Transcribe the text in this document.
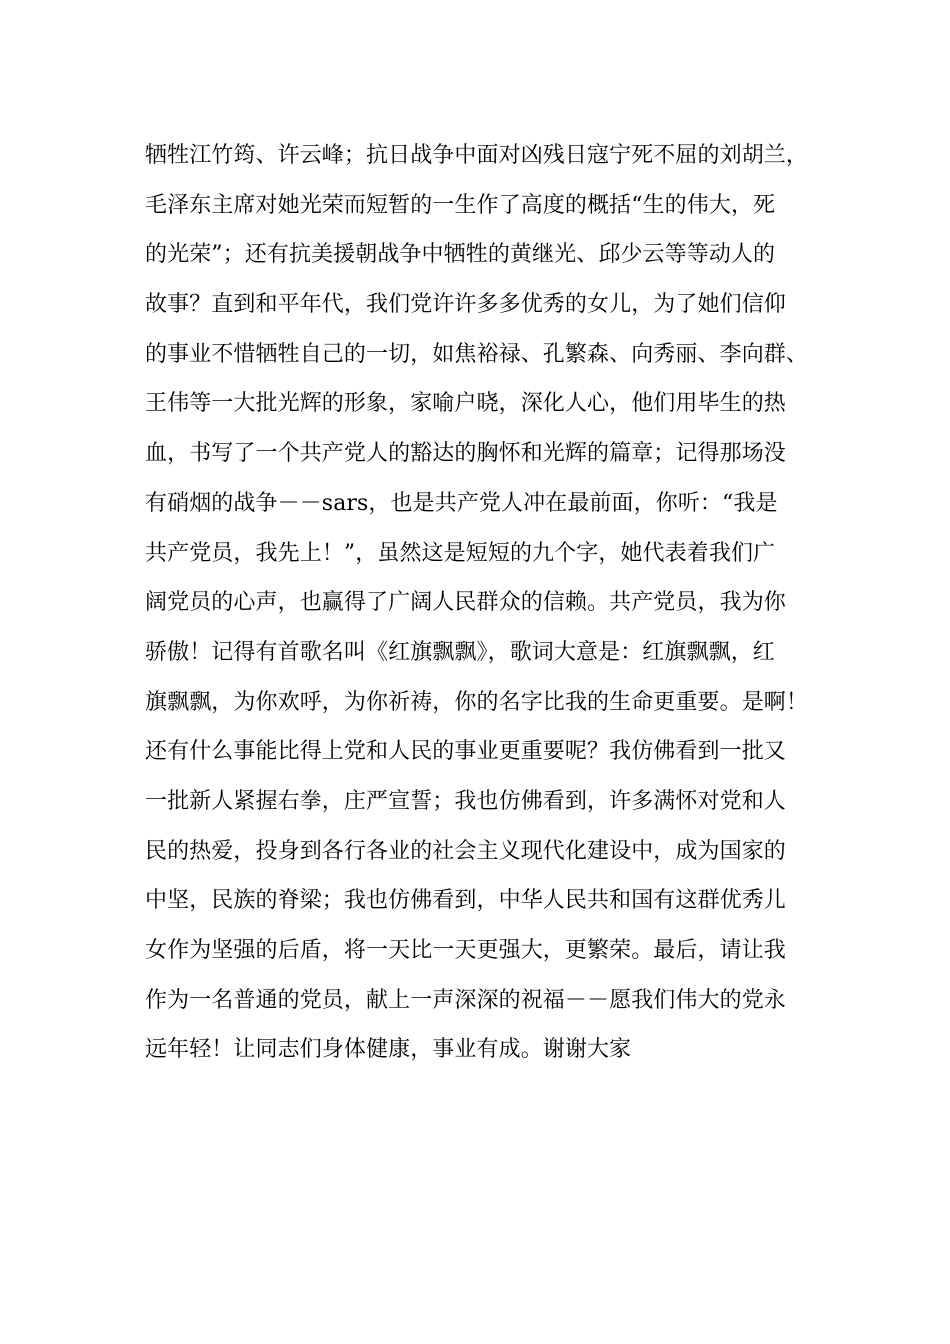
牺牲江竹筠、许云峰；抗日战争中面对凶残日寇宁死不屈的刘胡兰，
毛泽东主席对她光荣而短暂的一生作了高度的概括“生的伟大，死
的光荣”；还有抗美援朝战争中牺牲的黄继光、邱少云等等动人的
故事？直到和平年代，我们党许许多多优秀的女儿，为了她们信仰
的事业不惜牺牲自己的一切，如焦裕禄、孔繁森、向秀丽、李向群、
王伟等一大批光辉的形象，家喻户晓，深化人心，他们用毕生的热
血，书写了一个共产党人的豁达的胸怀和光辉的篇章；记得那场没
有硝烟的战争－－sars，也是共产党人冲在最前面，你听：“我是
共产党员，我先上！”，虽然这是短短的九个字，她代表着我们广
阔党员的心声，也赢得了广阔人民群众的信赖。共产党员，我为你
骄傲！记得有首歌名叫《红旗飘飘》，歌词大意是：红旗飘飘，红
旗飘飘，为你欢呼，为你祈祷，你的名字比我的生命更重要。是啊！
还有什么事能比得上党和人民的事业更重要呢？我仿佛看到一批又
一批新人紧握右拳，庄严宣誓；我也仿佛看到，许多满怀对党和人
民的热爱，投身到各行各业的社会主义现代化建设中，成为国家的
中坚，民族的脊梁；我也仿佛看到，中华人民共和国有这群优秀儿
女作为坚强的后盾，将一天比一天更强大，更繁荣。最后，请让我
作为一名普通的党员，献上一声深深的祝福－－愿我们伟大的党永
远年轻！让同志们身体健康，事业有成。谢谢大家
